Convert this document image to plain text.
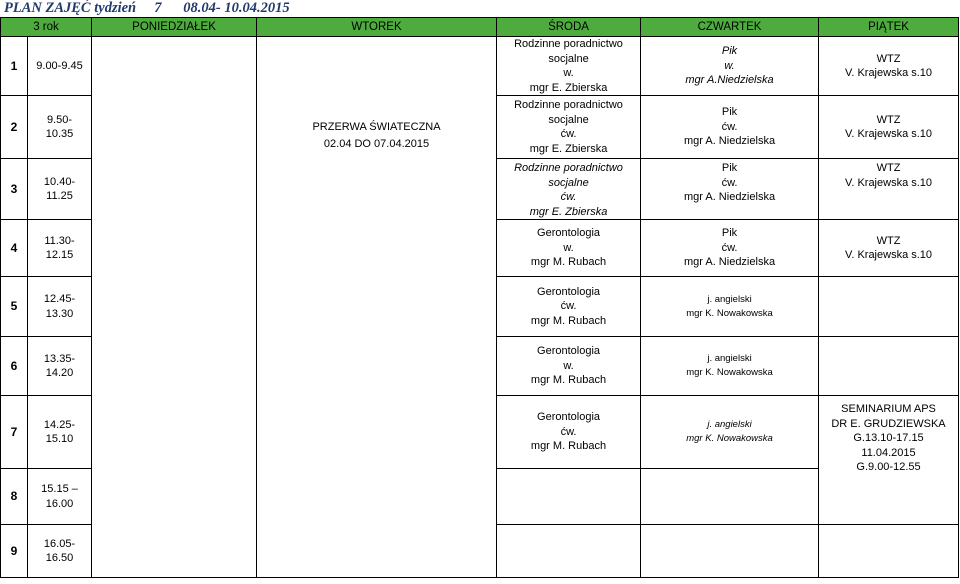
PLAN ZAJĘĆ tydzień     7      08.04- 10.04.2015
3 rok		PONIEDZIAŁEK	WTOREK	ŚRODA	CZWARTEK	PIĄTEK
1	9.00-9.45		PRZERWA ŚWIATECZNA
02.04 DO 07.04.2015	Rodzinne poradnictwo socjalne
w.
mgr E. Zbierska	Pik
w.
mgr A.Niedzielska	WTZ
V. Krajewska s.10
2	9.50-
10.35			Rodzinne poradnictwo socjalne
ćw.
mgr E. Zbierska	Pik
ćw.
mgr A. Niedzielska	WTZ
V. Krajewska s.10
3	10.40-
11.25			Rodzinne poradnictwo socjalne
ćw.
mgr E. Zbierska	Pik
ćw.
mgr A. Niedzielska	WTZ
V. Krajewska s.10
4	11.30-
12.15			Gerontologia
w.
mgr M. Rubach	Pik
ćw.
mgr A. Niedzielska	WTZ
V. Krajewska s.10
5	12.45-
13.30			Gerontologia
ćw.
mgr M. Rubach	j. angielski
mgr K. Nowakowska	
6	13.35-
14.20			Gerontologia
w.
mgr M. Rubach	j. angielski
mgr K. Nowakowska	
7	14.25-
15.10			Gerontologia
ćw.
mgr M. Rubach	j. angielski
mgr K. Nowakowska	SEMINARIUM APS
DR E. GRUDZIEWSKA
G.13.10-17.15
11.04.2015
G.9.00-12.55
8	15.15 –
16.00					
9	16.05-
16.50					
